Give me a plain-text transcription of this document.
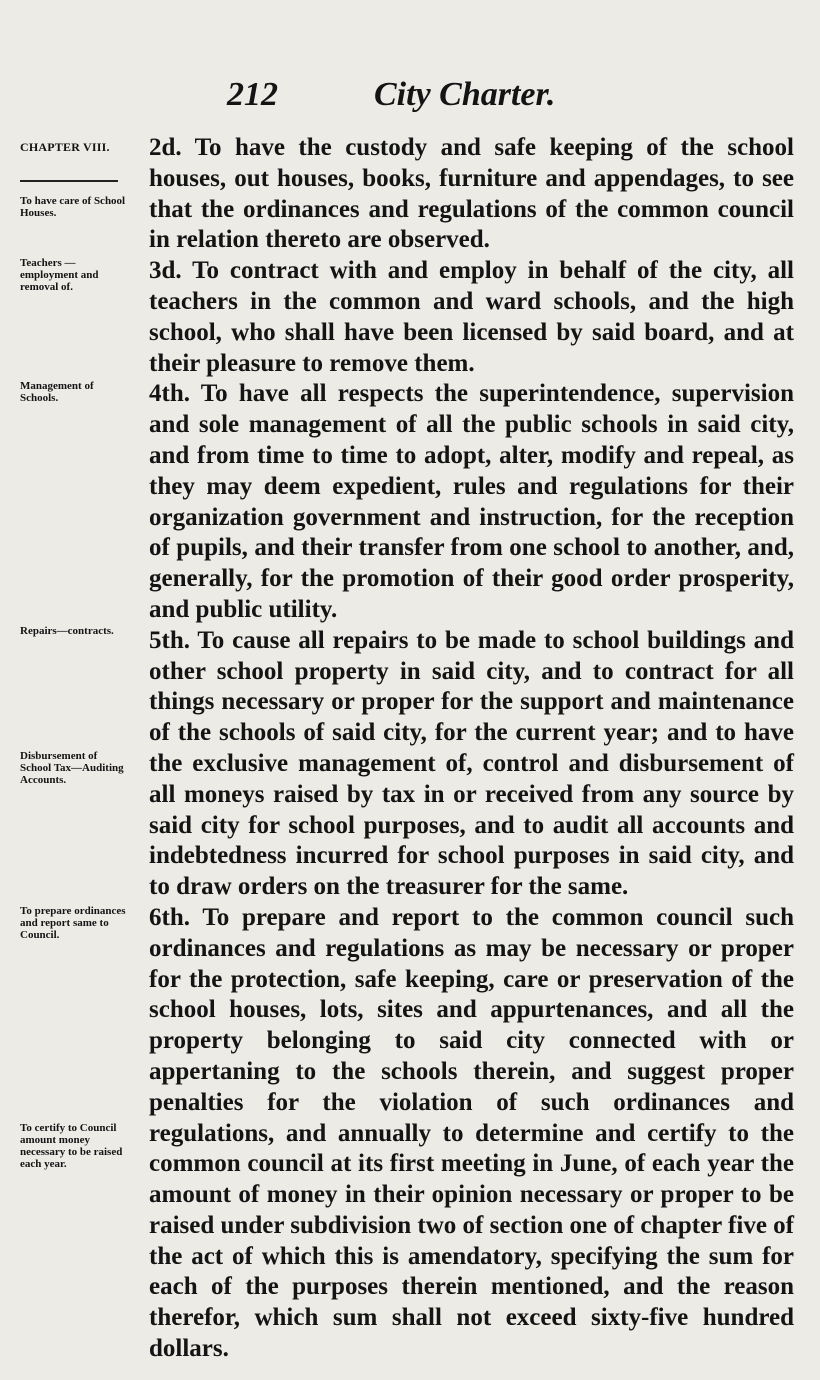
212	City Charter.
CHAPTER VIII.
To have care of School Houses.
Teachers — employment and removal of.
Management of Schools.
Repairs—contracts.
Disbursement of School Tax—Auditing Accounts.
To prepare ordinances and report same to Council.
To certify to Council amount money necessary to be raised each year.

2d. To have the custody and safe keeping of the school houses, out houses, books, furniture and appendages, to see that the ordinances and regulations of the common council in relation thereto are observed.

3d. To contract with and employ in behalf of the city, all teachers in the common and ward schools, and the high school, who shall have been licensed by said board, and at their pleasure to remove them.

4th. To have all respects the superintendence, supervision and sole management of all the public schools in said city, and from time to time to adopt, alter, modify and repeal, as they may deem expedient, rules and regulations for their organization government and instruction, for the reception of pupils, and their transfer from one school to another, and, generally, for the promotion of their good order prosperity, and public utility.

5th. To cause all repairs to be made to school buildings and other school property in said city, and to contract for all things necessary or proper for the support and maintenance of the schools of said city, for the current year; and to have the exclusive management of, control and disbursement of all moneys raised by tax in or received from any source by said city for school purposes, and to audit all accounts and indebtedness incurred for school purposes in said city, and to draw orders on the treasurer for the same.

6th. To prepare and report to the common council such ordinances and regulations as may be necessary or proper for the protection, safe keeping, care or preservation of the school houses, lots, sites and appurtenances, and all the property belonging to said city connected with or appertaning to the schools therein, and suggest proper penalties for the violation of such ordinances and regulations, and annually to determine and certify to the common council at its first meeting in June, of each year the amount of money in their opinion necessary or proper to be raised under subdivision two of section one of chapter five of the act of which this is amendatory, specifying the sum for each of the purposes therein mentioned, and the reason therefor, which sum shall not exceed sixty-five hundred dollars.
